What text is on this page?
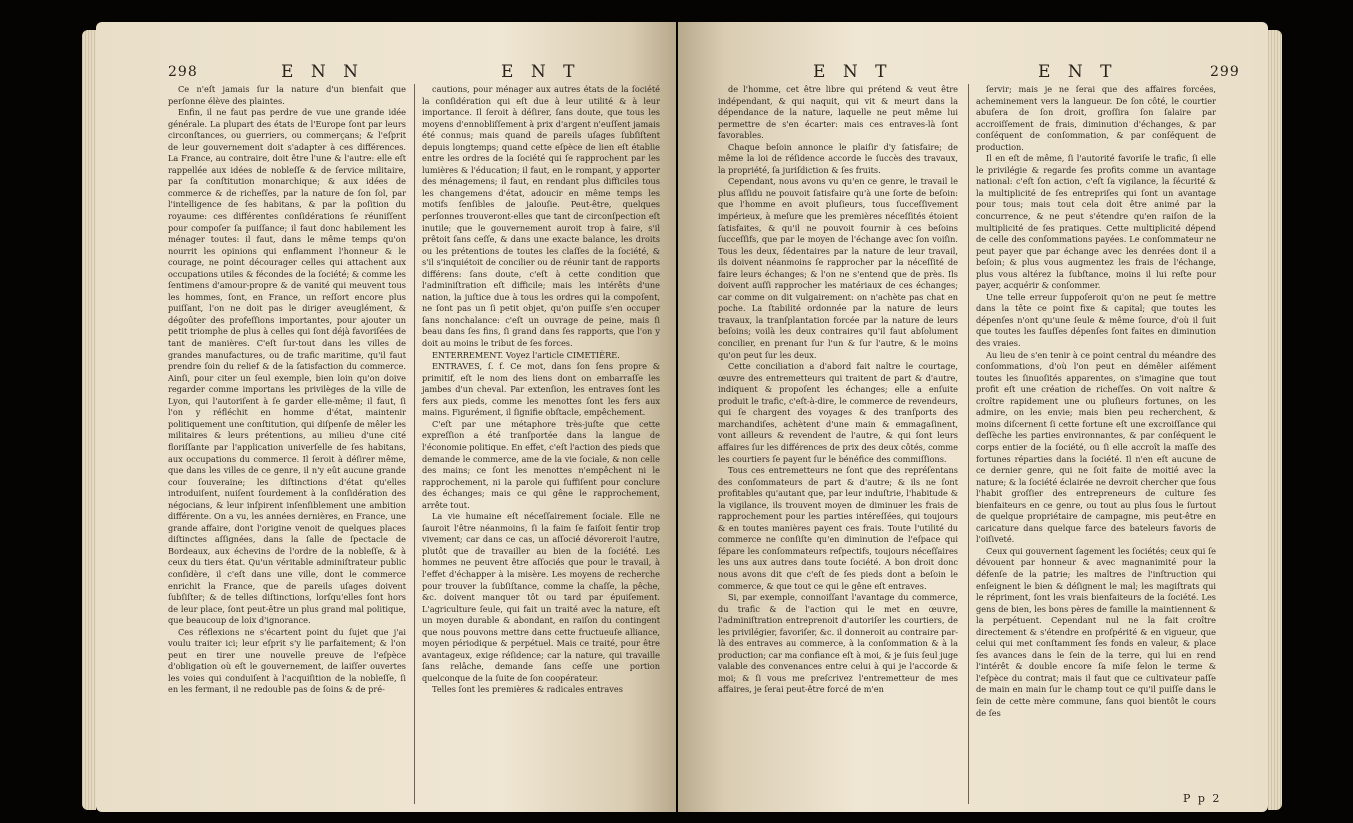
298	E N N	E N T

Ce n'eſt jamais ſur la nature d'un bienfait que perſonne élève des plaintes.

Enfin, il ne faut pas perdre de vue une grande idée générale. La plupart des états de l'Europe ſont par leurs circonſtances, ou guerriers, ou commerçans; & l'eſprit de leur gouvernement doit s'adapter à ces différences. La France, au contraire, doit être l'une & l'autre: elle eſt rappellée aux idées de nobleſſe & de ſervice militaire, par ſa conſtitution monarchique; & aux idées de commerce & de richeſſes, par la nature de ſon ſol, par l'intelligence de ſes habitans, & par la poſition du royaume: ces différentes conſidérations ſe réuniſſent pour compoſer ſa puiſſance; il faut donc habilement les ménager toutes: il faut, dans le même temps qu'on nourrit les opinions qui enflamment l'honneur & le courage, ne point décourager celles qui attachent aux occupations utiles & fécondes de la ſociété; & comme les ſentimens d'amour-propre & de vanité qui meuvent tous les hommes, ſont, en France, un reſſort encore plus puiſſant, l'on ne doit pas le diriger aveuglément, & dégoûter des profeſſions importantes, pour ajouter un petit triomphe de plus à celles qui ſont déjà favoriſées de tant de manières. C'eſt ſur-tout dans les villes de grandes manufactures, ou de trafic maritime, qu'il faut prendre ſoin du relief & de la ſatisfaction du commerce. Ainſi, pour citer un ſeul exemple, bien loin qu'on doive regarder comme importans les privilèges de la ville de Lyon, qui l'autoriſent à ſe garder elle-même; il faut, ſi l'on y réfléchit en homme d'état, maintenir politiquement une conſtitution, qui diſpenſe de mêler les militaires & leurs prétentions, au milieu d'une cité floriſſante par l'application univerſelle de ſes habitans, aux occupations du commerce. Il ſeroit à déſirer même, que dans les villes de ce genre, il n'y eût aucune grande cour ſouveraine; les diſtinctions d'état qu'elles introduiſent, nuiſent ſourdement à la conſidération des négocians, & leur inſpirent inſenſiblement une ambition différente. On a vu, les années dernières, en France, une grande affaire, dont l'origine venoit de quelques places diſtinctes aſſignées, dans la ſalle de ſpectacle de Bordeaux, aux échevins de l'ordre de la nobleſſe, & à ceux du tiers état. Qu'un véritable adminiſtrateur public conſidère, il c'eſt dans une ville, dont le commerce enrichit la France, que de pareils uſages doivent ſubſiſter; & de telles diſtinctions, lorſqu'elles ſont hors de leur place, ſont peut-être un plus grand mal politique, que beaucoup de loix d'ignorance.

Ces réflexions ne s'écartent point du ſujet que j'ai voulu traiter ici; leur eſprit s'y lie parfaitement; & l'on peut en tirer une nouvelle preuve de l'eſpèce d'obligation où eſt le gouvernement, de laiſſer ouvertes les voies qui conduiſent à l'acquiſition de la nobleſſe, ſi en les fermant, il ne redouble pas de ſoins & de pré-

cautions, pour ménager aux autres états de la ſociété la conſidération qui eſt due à leur utilité & à leur importance. Il ſeroit à déſirer, ſans doute, que tous les moyens d'ennobliſſement à prix d'argent n'euſſent jamais été connus; mais quand de pareils uſages ſubſiſtent depuis longtemps; quand cette eſpèce de lien eſt établie entre les ordres de la ſociété qui ſe rapprochent par les lumières & l'éducation; il faut, en le rompant, y apporter des ménagemens; il faut, en rendant plus difficiles tous les changemens d'état, adoucir en même temps les motifs ſenſibles de jalouſie. Peut-être, quelques perſonnes trouveront-elles que tant de circonſpection eſt inutile; que le gouvernement auroit trop à faire, s'il prêtoit ſans ceſſe, & dans une exacte balance, les droits ou les prétentions de toutes les claſſes de la ſociété, & s'il s'inquiétoit de concilier ou de réunir tant de rapports différens: ſans doute, c'eſt à cette condition que l'adminiſtration eſt difficile; mais les intérêts d'une nation, la juſtice due à tous les ordres qui la compoſent, ne ſont pas un ſi petit objet, qu'on puiſſe s'en occuper ſans nonchalance: c'eſt un ouvrage de peine, mais ſi beau dans ſes fins, ſi grand dans ſes rapports, que l'on y doit au moins le tribut de ſes forces.

ENTERREMENT. Voyez l'article CIMETIÈRE.

ENTRAVES, ſ. f. Ce mot, dans ſon ſens propre & primitif, eſt le nom des liens dont on embarraſſe les jambes d'un cheval. Par extenſion, les entraves ſont les fers aux pieds, comme les menottes ſont les fers aux mains. Figurément, il ſignifie obſtacle, empêchement.

C'eſt par une métaphore très-juſte que cette expreſſion a été tranſportée dans la langue de l'économie politique. En effet, c'eſt l'action des pieds que demande le commerce, ame de la vie ſociale, & non celle des mains; ce ſont les menottes n'empêchent ni le rapprochement, ni la parole qui ſuffiſent pour conclure des échanges; mais ce qui gêne le rapprochement, arrête tout.

La vie humaine eſt néceſſairement ſociale. Elle ne ſauroit l'être néanmoins, ſi la faim ſe faiſoit ſentir trop vivement; car dans ce cas, un aſſocié dévoreroit l'autre, plutôt que de travailler au bien de la ſociété. Les hommes ne peuvent être aſſociés que pour le travail, à l'effet d'échapper à la misère. Les moyens de recherche pour trouver la ſubſiſtance, comme la chaſſe, la pêche, &c. doivent manquer tôt ou tard par épuiſement. L'agriculture ſeule, qui fait un traité avec la nature, eſt un moyen durable & abondant, en raiſon du contingent que nous pouvons mettre dans cette fructueuſe alliance, moyen périodique & perpétuel. Mais ce traité, pour être avantageux, exige réſidence; car la nature, qui travaille ſans relâche, demande ſans ceſſe une portion quelconque de la ſuite de ſon coopérateur.

Telles ſont les premières & radicales entraves

E N T	E N T	299

de l'homme, cet être libre qui prétend & veut être indépendant, & qui naquit, qui vit & meurt dans la dépendance de la nature, laquelle ne peut même lui permettre de s'en écarter: mais ces entraves-là ſont favorables.

Chaque beſoin annonce le plaiſir d'y ſatisfaire; de même la loi de réſidence accorde le ſuccès des travaux, la propriété, ſa juriſdiction & ſes fruits.

Cependant, nous avons vu qu'en ce genre, le travail le plus aſſidu ne pouvoit ſatisfaire qu'à une ſorte de beſoin: que l'homme en avoit pluſieurs, tous ſucceſſivement impérieux, à meſure que les premières néceſſités étoient ſatisfaites, & qu'il ne pouvoit fournir à ces beſoins ſucceſſifs, que par le moyen de l'échange avec ſon voiſin. Tous les deux, ſédentaires par la nature de leur travail, ils doivent néanmoins ſe rapprocher par la néceſſité de faire leurs échanges; & l'on ne s'entend que de près. Ils doivent auſſi rapprocher les matériaux de ces échanges; car comme on dit vulgairement: on n'achète pas chat en poche. La ſtabilité ordonnée par la nature de leurs travaux, la tranſplantation forcée par la nature de leurs beſoins; voilà les deux contraires qu'il faut abſolument concilier, en prenant ſur l'un & ſur l'autre, & le moins qu'on peut ſur les deux.

Cette conciliation a d'abord fait naître le courtage, œuvre des entremetteurs qui traitent de part & d'autre, indiquent & propoſent les échanges; elle a enſuite produit le trafic, c'eſt-à-dire, le commerce de revendeurs, qui ſe chargent des voyages & des tranſports des marchandiſes, achètent d'une main & emmagaſinent, vont ailleurs & revendent de l'autre, & qui ſont leurs affaires ſur les différences de prix des deux côtés, comme les courtiers ſe payent ſur le bénéfice des commiſſions.

Tous ces entremetteurs ne ſont que des repréſentans des conſommateurs de part & d'autre; & ils ne ſont profitables qu'autant que, par leur induſtrie, l'habitude & la vigilance, ils trouvent moyen de diminuer les frais de rapprochement pour les parties intéreſſées, qui toujours & en toutes manières payent ces frais. Toute l'utilité du commerce ne conſiſte qu'en diminution de l'eſpace qui ſépare les conſommateurs reſpectifs, toujours néceſſaires les uns aux autres dans toute ſociété. A bon droit donc nous avons dit que c'eſt de ſes pieds dont a beſoin le commerce, & que tout ce qui le gêne eſt entraves.

Si, par exemple, connoiſſant l'avantage du commerce, du trafic & de l'action qui le met en œuvre, l'adminiſtration entreprenoit d'autoriſer les courtiers, de les privilégier, favoriſer, &c. il donneroit au contraire par-là des entraves au commerce, à la conſommation & à la production; car ma confiance eſt à moi, & je ſuis ſeul juge valable des convenances entre celui à qui je l'accorde & moi; & ſi vous me preſcrivez l'entremetteur de mes affaires, je ſerai peut-être forcé de m'en

ſervir; mais je ne ſerai que des affaires forcées, acheminement vers la langueur. De ſon côté, le courtier abuſera de ſon droit, groſſira ſon ſalaire par accroiſſement de frais, diminution d'échanges, & par conſéquent de conſommation, & par conſéquent de production.

Il en eſt de même, ſi l'autorité favoriſe le trafic, ſi elle le privilégie & regarde ſes profits comme un avantage national: c'eſt ſon action, c'eſt ſa vigilance, la ſécurité & la multiplicité de ſes entrepriſes qui ſont un avantage pour tous; mais tout cela doit être animé par la concurrence, & ne peut s'étendre qu'en raiſon de la multiplicité de ſes pratiques. Cette multiplicité dépend de celle des conſommations payées. Le conſommateur ne peut payer que par échange avec les denrées dont il a beſoin; & plus vous augmentez les frais de l'échange, plus vous altérez la ſubſtance, moins il lui reſte pour payer, acquérir & conſommer.

Une telle erreur ſuppoſeroit qu'on ne peut ſe mettre dans la tête ce point fixe & capital; que toutes les dépenſes n'ont qu'une ſeule & même ſource, d'où il ſuit que toutes les fauſſes dépenſes ſont faites en diminution des vraies.

Au lieu de s'en tenir à ce point central du méandre des conſommations, d'où l'on peut en démêler aiſément toutes les ſinuoſités apparentes, on s'imagine que tout profit eſt une création de richeſſes. On voit naître & croître rapidement une ou pluſieurs fortunes, on les admire, on les envie; mais bien peu recherchent, & moins diſcernent ſi cette fortune eſt une excroiſſance qui deſſèche les parties environnantes, & par conſéquent le corps entier de la ſociété, ou ſi elle accroît la maſſe des fortunes réparties dans la ſociété. Il n'en eſt aucune de ce dernier genre, qui ne ſoit faite de moitié avec la nature; & la ſociété éclairée ne devroit chercher que ſous l'habit groſſier des entrepreneurs de culture ſes bienfaiteurs en ce genre, ou tout au plus ſous le ſurtout de quelque propriétaire de campagne, mis peut-être en caricature dans quelque farce des bateleurs favoris de l'oiſiveté.

Ceux qui gouvernent ſagement les ſociétés; ceux qui ſe dévouent par honneur & avec magnanimité pour la défenſe de la patrie; les maîtres de l'inſtruction qui enſeignent le bien & déſignent le mal; les magiſtrats qui le répriment, ſont les vrais bienfaiteurs de la ſociété. Les gens de bien, les bons pères de famille la maintiennent & la perpétuent. Cependant nul ne la fait croître directement & s'étendre en proſpérité & en vigueur, que celui qui met conſtamment ſes fonds en valeur, & place ſes avances dans le ſein de la terre, qui lui en rend l'intérêt & double encore ſa miſe ſelon le terme & l'eſpèce du contrat; mais il faut que ce cultivateur paſſe de main en main ſur le champ tout ce qu'il puiſſe dans le ſein de cette mère commune, ſans quoi bientôt le cours de ſes

P p 2
